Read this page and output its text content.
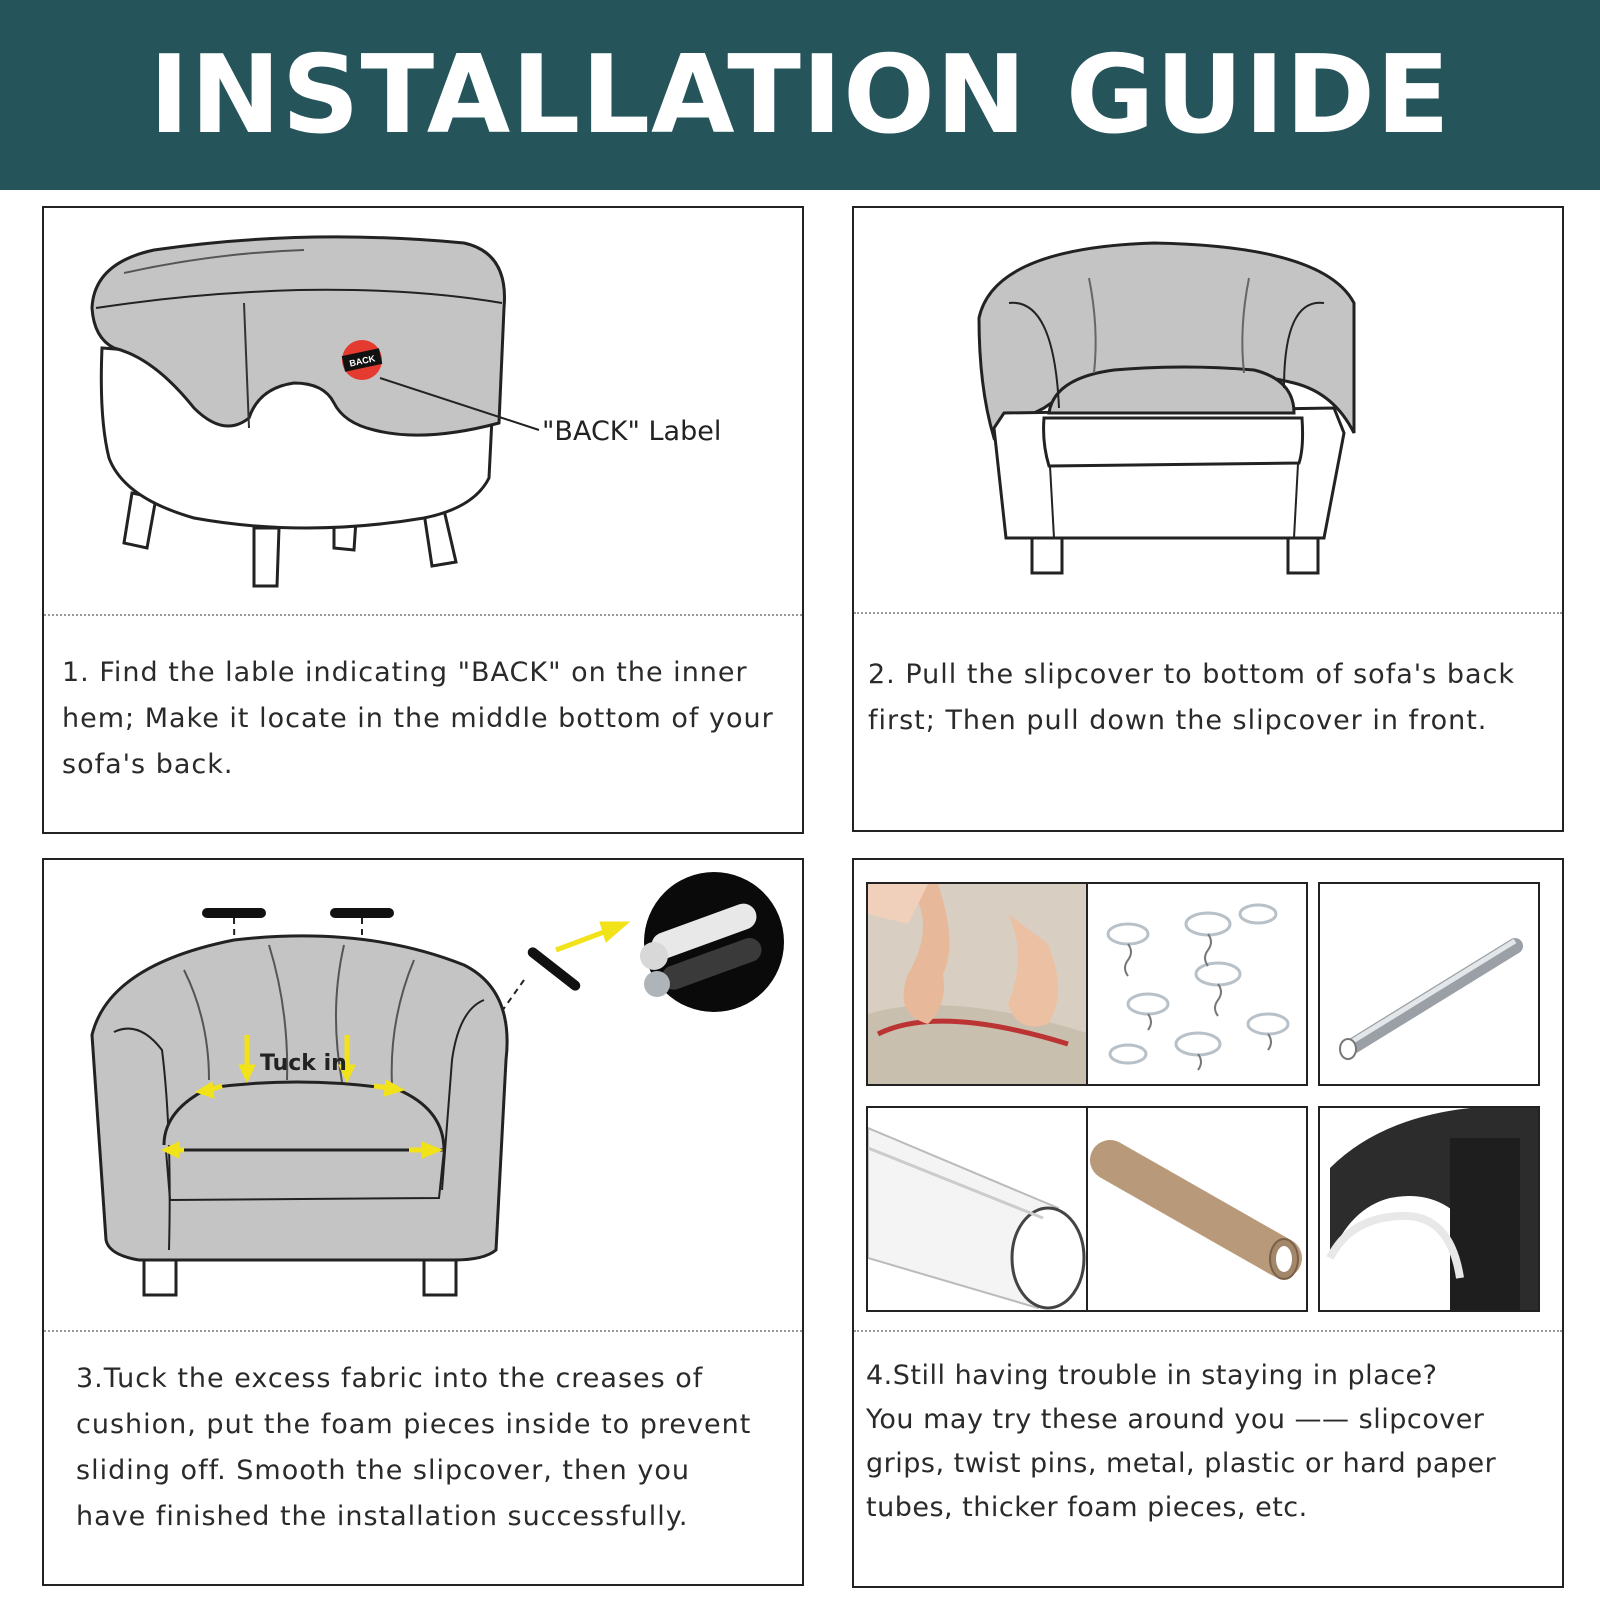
INSTALLATION GUIDE
BACK
"BACK" Label
1. Find the lable indicating "BACK" on the inner hem; Make it locate in the middle bottom of your sofa's back.
2. Pull the slipcover to bottom of sofa's back first; Then pull down the slipcover in front.
Tuck in
3.Tuck the excess fabric into the creases of cushion, put the foam pieces inside to prevent sliding off. Smooth the slipcover, then you have finished the installation successfully.
4.Still having trouble in staying in place?
You may try these around you —— slipcover grips, twist pins, metal, plastic or hard paper tubes, thicker foam pieces, etc.
